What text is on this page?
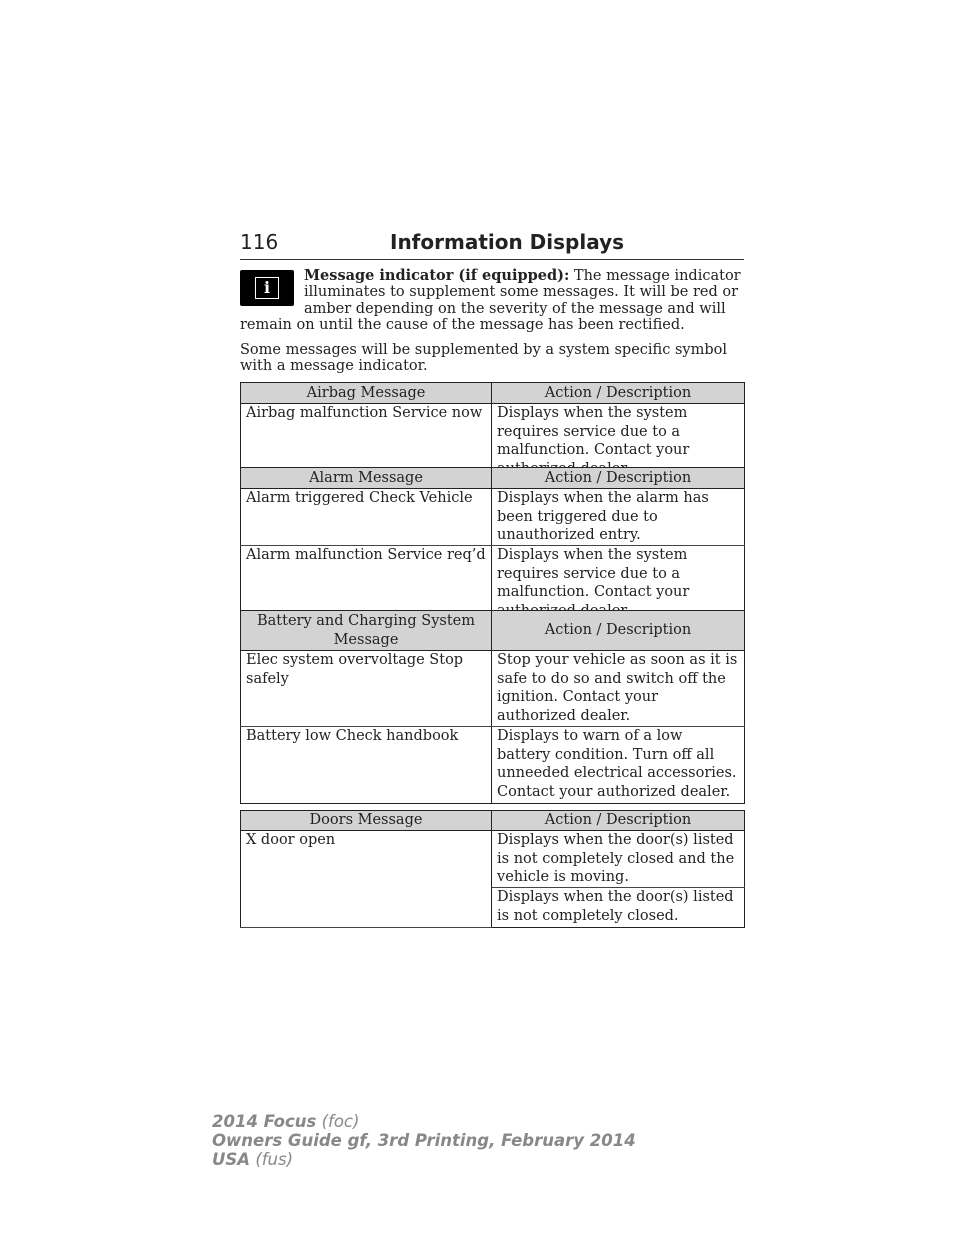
116	Information Displays
i
Message indicator (if equipped): The message indicator illuminates to supplement some messages. It will be red or amber depending on the severity of the message and will remain on until the cause of the message has been rectified.
Some messages will be supplemented by a system specific symbol with a message indicator.
Airbag Message	Action / Description
Airbag malfunction Service now	Displays when the system requires service due to a malfunction. Contact your
Alarm Message	Action / Description
Alarm triggered Check Vehicle	Displays when the alarm has been triggered due to unauthorized entry.
Alarm malfunction Service req’d	Displays when the system requires service due to a malfunction. Contact your
Battery and Charging System Message	Action / Description
Elec system overvoltage Stop safely	Stop your vehicle as soon as it is safe to do so and switch off the ignition. Contact your authorized dealer.
Battery low Check handbook	Displays to warn of a low battery condition. Turn off all unneeded electrical accessories. Contact your authorized dealer.
Doors Message	Action / Description
X door open	Displays when the door(s) listed is not completely closed and the vehicle is moving.
	Displays when the door(s) listed is not completely closed.
2014 Focus (foc)
Owners Guide gf, 3rd Printing, February 2014
USA (fus)
